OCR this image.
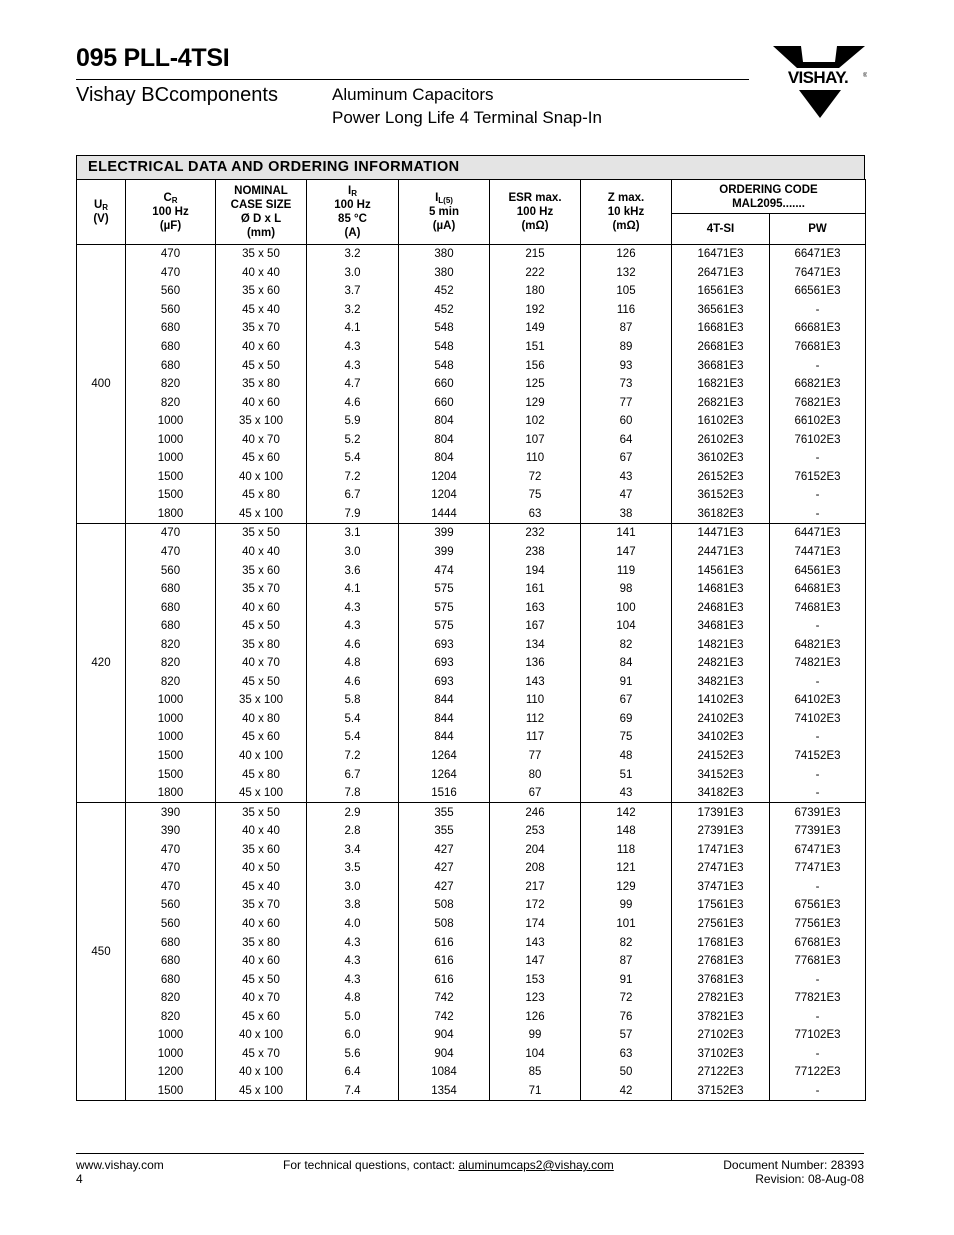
095 PLL-4TSI
Vishay BCcomponents	Aluminum Capacitors
Power Long Life 4 Terminal Snap-In
VISHAY. ®
ELECTRICAL DATA AND ORDERING INFORMATION
$U_R$
(V)	$C_R$
100 Hz
(µF)	NOMINAL
CASE SIZE
Ø D x L
(mm)	$I_R$
100 Hz
85 °C
(A)	$I_{L(5)}$
5 min
(µA)	ESR max.
100 Hz
(mΩ)	Z max.
10 kHz
(mΩ)	ORDERING CODE
MAL2095.......	
							4T-SI	PW
400	470	35 x 50	3.2	380	215	126	16471E3	66471E3
	470	40 x 40	3.0	380	222	132	26471E3	76471E3
	560	35 x 60	3.7	452	180	105	16561E3	66561E3
	560	45 x 40	3.2	452	192	116	36561E3	-
	680	35 x 70	4.1	548	149	87	16681E3	66681E3
	680	40 x 60	4.3	548	151	89	26681E3	76681E3
	680	45 x 50	4.3	548	156	93	36681E3	-
	820	35 x 80	4.7	660	125	73	16821E3	66821E3
	820	40 x 60	4.6	660	129	77	26821E3	76821E3
	1000	35 x 100	5.9	804	102	60	16102E3	66102E3
	1000	40 x 70	5.2	804	107	64	26102E3	76102E3
	1000	45 x 60	5.4	804	110	67	36102E3	-
	1500	40 x 100	7.2	1204	72	43	26152E3	76152E3
	1500	45 x 80	6.7	1204	75	47	36152E3	-
	1800	45 x 100	7.9	1444	63	38	36182E3	-
420	470	35 x 50	3.1	399	232	141	14471E3	64471E3
	470	40 x 40	3.0	399	238	147	24471E3	74471E3
	560	35 x 60	3.6	474	194	119	14561E3	64561E3
	680	35 x 70	4.1	575	161	98	14681E3	64681E3
	680	40 x 60	4.3	575	163	100	24681E3	74681E3
	680	45 x 50	4.3	575	167	104	34681E3	-
	820	35 x 80	4.6	693	134	82	14821E3	64821E3
	820	40 x 70	4.8	693	136	84	24821E3	74821E3
	820	45 x 50	4.6	693	143	91	34821E3	-
	1000	35 x 100	5.8	844	110	67	14102E3	64102E3
	1000	40 x 80	5.4	844	112	69	24102E3	74102E3
	1000	45 x 60	5.4	844	117	75	34102E3	-
	1500	40 x 100	7.2	1264	77	48	24152E3	74152E3
	1500	45 x 80	6.7	1264	80	51	34152E3	-
	1800	45 x 100	7.8	1516	67	43	34182E3	-
450	390	35 x 50	2.9	355	246	142	17391E3	67391E3
	390	40 x 40	2.8	355	253	148	27391E3	77391E3
	470	35 x 60	3.4	427	204	118	17471E3	67471E3
	470	40 x 50	3.5	427	208	121	27471E3	77471E3
	470	45 x 40	3.0	427	217	129	37471E3	-
	560	35 x 70	3.8	508	172	99	17561E3	67561E3
	560	40 x 60	4.0	508	174	101	27561E3	77561E3
	680	35 x 80	4.3	616	143	82	17681E3	67681E3
	680	40 x 60	4.3	616	147	87	27681E3	77681E3
	680	45 x 50	4.3	616	153	91	37681E3	-
	820	40 x 70	4.8	742	123	72	27821E3	77821E3
	820	45 x 60	5.0	742	126	76	37821E3	-
	1000	40 x 100	6.0	904	99	57	27102E3	77102E3
	1000	45 x 70	5.6	904	104	63	37102E3	-
	1200	40 x 100	6.4	1084	85	50	27122E3	77122E3
	1500	45 x 100	7.4	1354	71	42	37152E3	-
www.vishay.com
4
For technical questions, contact: aluminumcaps2@vishay.com	Document Number: 28393
Revision: 08-Aug-08
